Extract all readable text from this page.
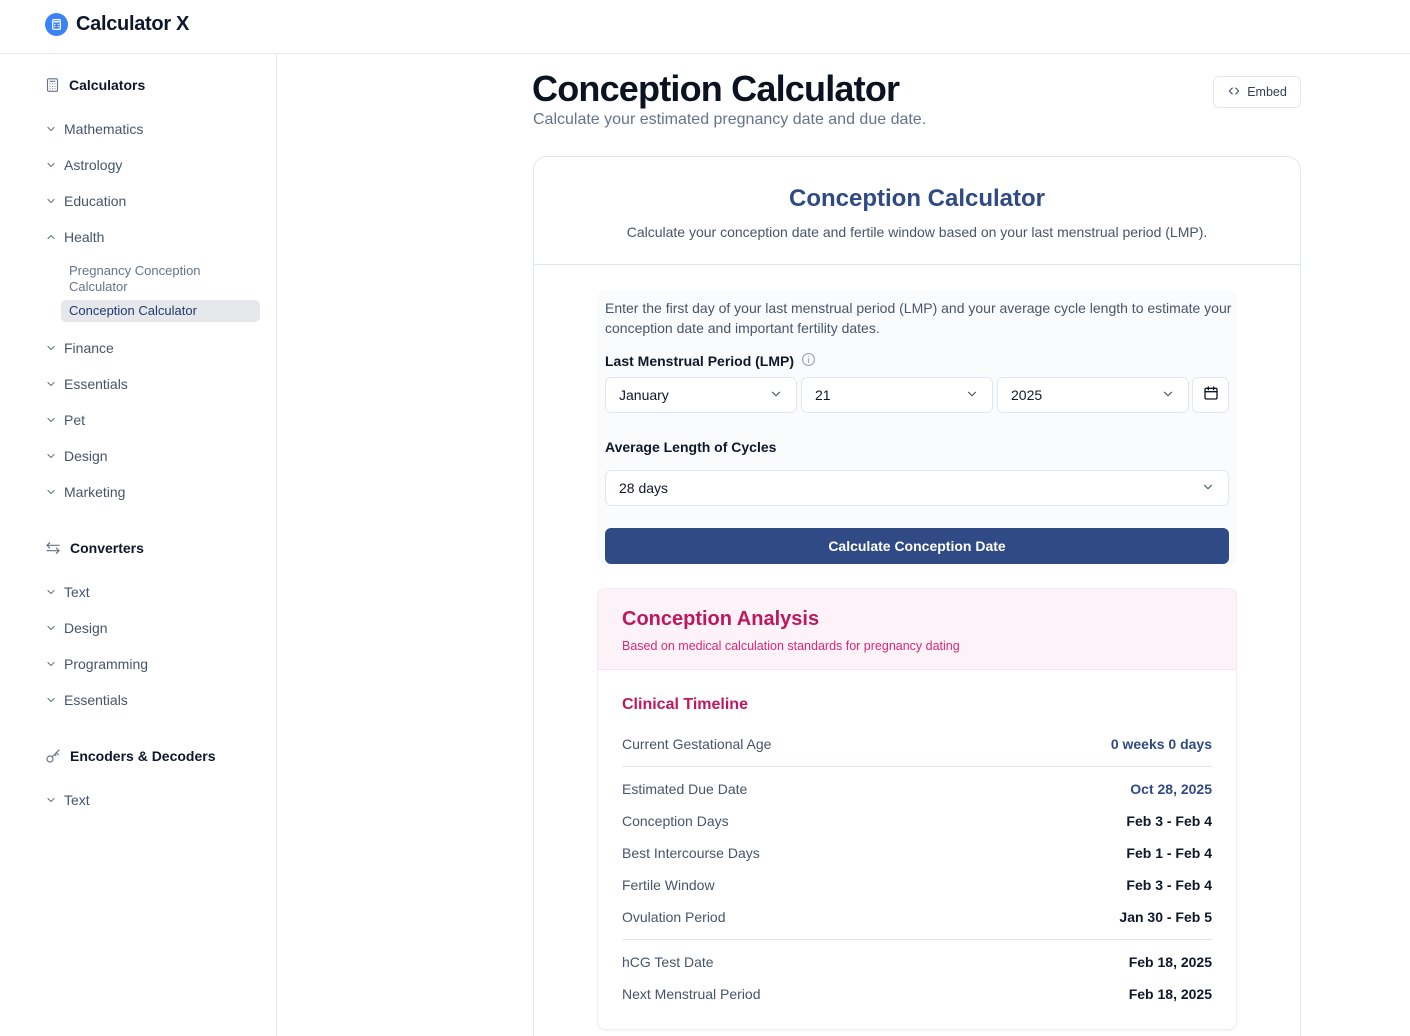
Calculator X
Calculators
Mathematics
Astrology
Education
Health
Pregnancy Conception Calculator
Conception Calculator
Finance
Essentials
Pet
Design
Marketing
Converters
Text
Design
Programming
Essentials
Encoders & Decoders
Text
Conception Calculator

Calculate your estimated pregnancy date and due date.

Embed
Conception Calculator

Calculate your conception date and fertile window based on your last menstrual period (LMP).

Enter the first day of your last menstrual period (LMP) and your average cycle length to estimate your conception date and important fertility dates.

Last Menstrual Period (LMP)
January	21	2025
Average Length of Cycles
28 days
Calculate Conception Date
Conception Analysis

Based on medical calculation standards for pregnancy dating

Clinical Timeline
Current Gestational Age	0 weeks 0 days
Estimated Due Date	Oct 28, 2025
Conception Days	Feb 3 - Feb 4
Best Intercourse Days	Feb 1 - Feb 4
Fertile Window	Feb 3 - Feb 4
Ovulation Period	Jan 30 - Feb 5
hCG Test Date	Feb 18, 2025
Next Menstrual Period	Feb 18, 2025
